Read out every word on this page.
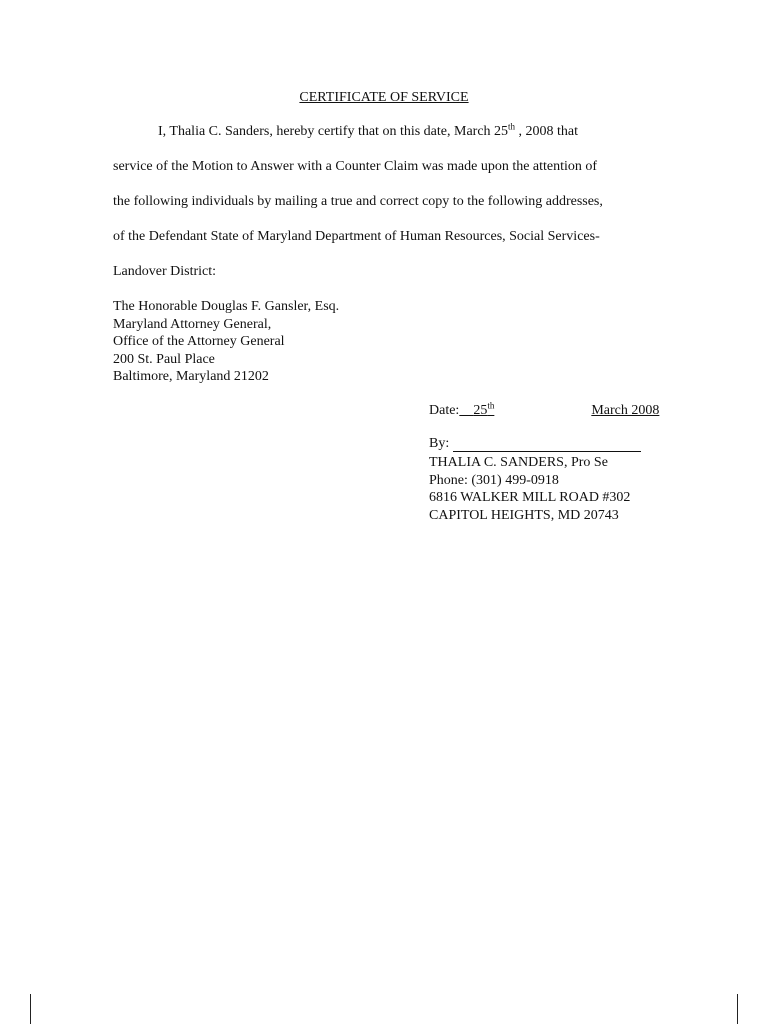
CERTIFICATE OF SERVICE
I, Thalia C. Sanders, hereby certify that on this date, March 25th , 2008 that
service of the Motion to Answer with a Counter Claim was made upon the attention of
the following individuals by mailing a true and correct copy to the following addresses,
of the Defendant State of Maryland Department of Human Resources, Social Services-
Landover District:
The Honorable Douglas F. Gansler, Esq.
Maryland Attorney General,
Office of the Attorney General
200 St. Paul Place
Baltimore, Maryland 21202
Date: 25th	March 2008
By:
THALIA C. SANDERS, Pro Se
Phone: (301) 499-0918
6816 WALKER MILL ROAD #302
CAPITOL HEIGHTS, MD 20743
